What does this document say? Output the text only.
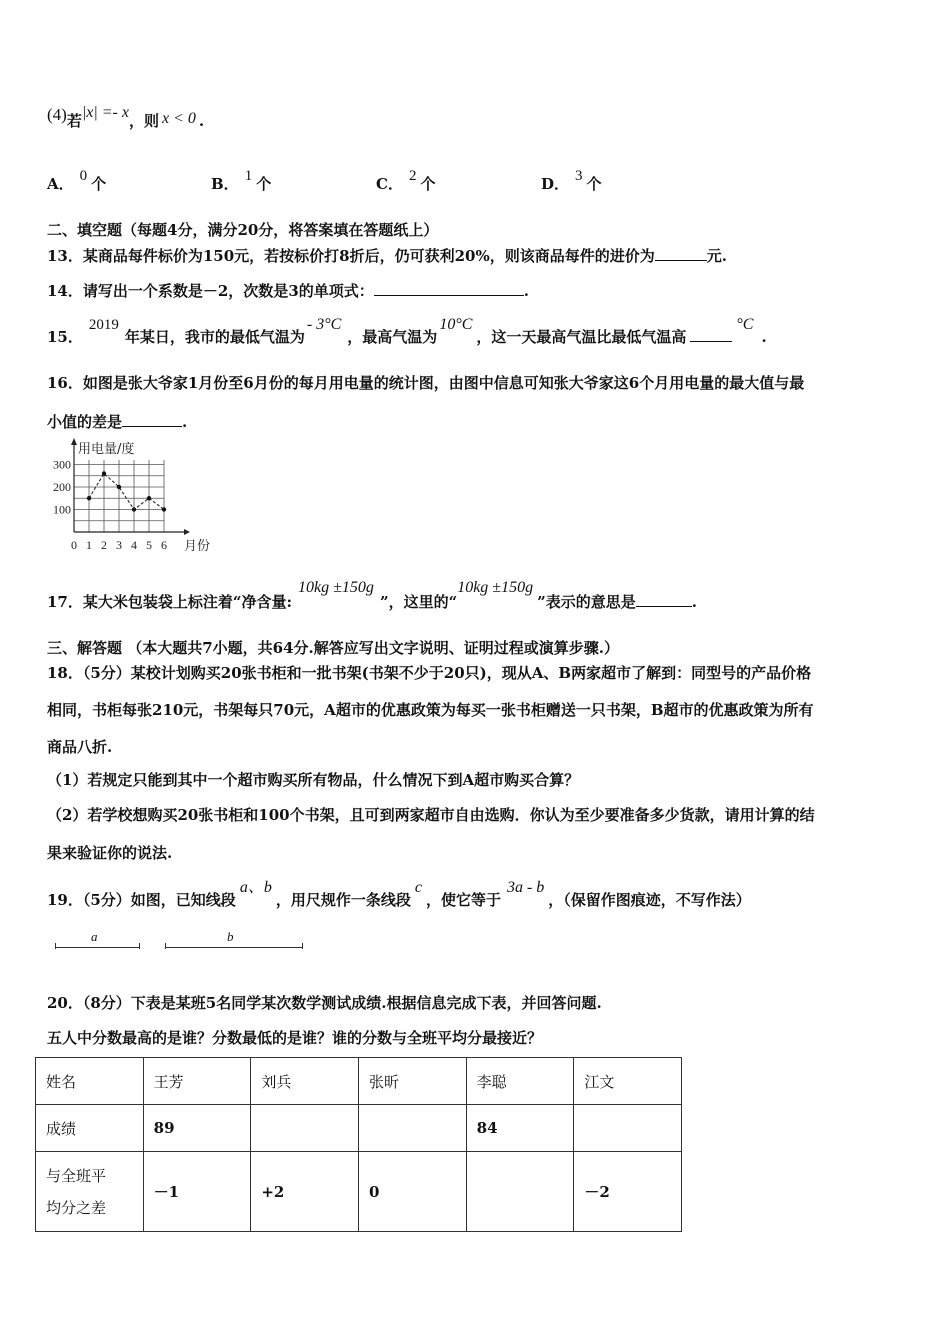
(4)若|x| =- x，则 x < 0 .
A． 0 个	B． 1 个	C． 2 个	D． 3 个
二、填空题（每题4分，满分20分，将答案填在答题纸上）
13．某商品每件标价为150元，若按标价打8折后，仍可获利20%，则该商品每件的进价为	元.
14．请写出一个系数是－2，次数是3的单项式：	.
15．2019年某日，我市的最低气温为- 3°C，最高气温为10°C，这一天最高气温比最低气温高°C.
16．如图是张大爷家1月份至6月份的每月用电量的统计图，由图中信息可知张大爷家这6个月用电量的最大值与最
小值的差是	.
100
200
300
0 1 2 3 4 5 6 月份
用电量/度
17．某大米包装袋上标注着“净含量:10kg ±150g”，这里的“10kg ±150g”表示的意思是	.
三、解答题 （本大题共7小题，共64分.解答应写出文字说明、证明过程或演算步骤.）
18．（5分）某校计划购买20张书柜和一批书架(书架不少于20只)，现从A、B两家超市了解到：同型号的产品价格
相同，书柜每张210元，书架每只70元，A超市的优惠政策为每买一张书柜赠送一只书架，B超市的优惠政策为所有
商品八折.
（1）若规定只能到其中一个超市购买所有物品，什么情况下到A超市购买合算？
（2）若学校想购买20张书柜和100个书架，且可到两家超市自由选购．你认为至少要准备多少货款，请用计算的结
果来验证你的说法.
19．（5分）如图，已知线段a、b，用尺规作一条线段c，使它等于3a - b，（保留作图痕迹，不写作法）
a	b
20．（8分）下表是某班5名同学某次数学测试成绩.根据信息完成下表，并回答问题.
五人中分数最高的是谁？分数最低的是谁？谁的分数与全班平均分最接近？
姓名	王芳	刘兵	张昕	李聪	江文
成绩	89			84	
与全班平
均分之差	－1	+2	0		－2
